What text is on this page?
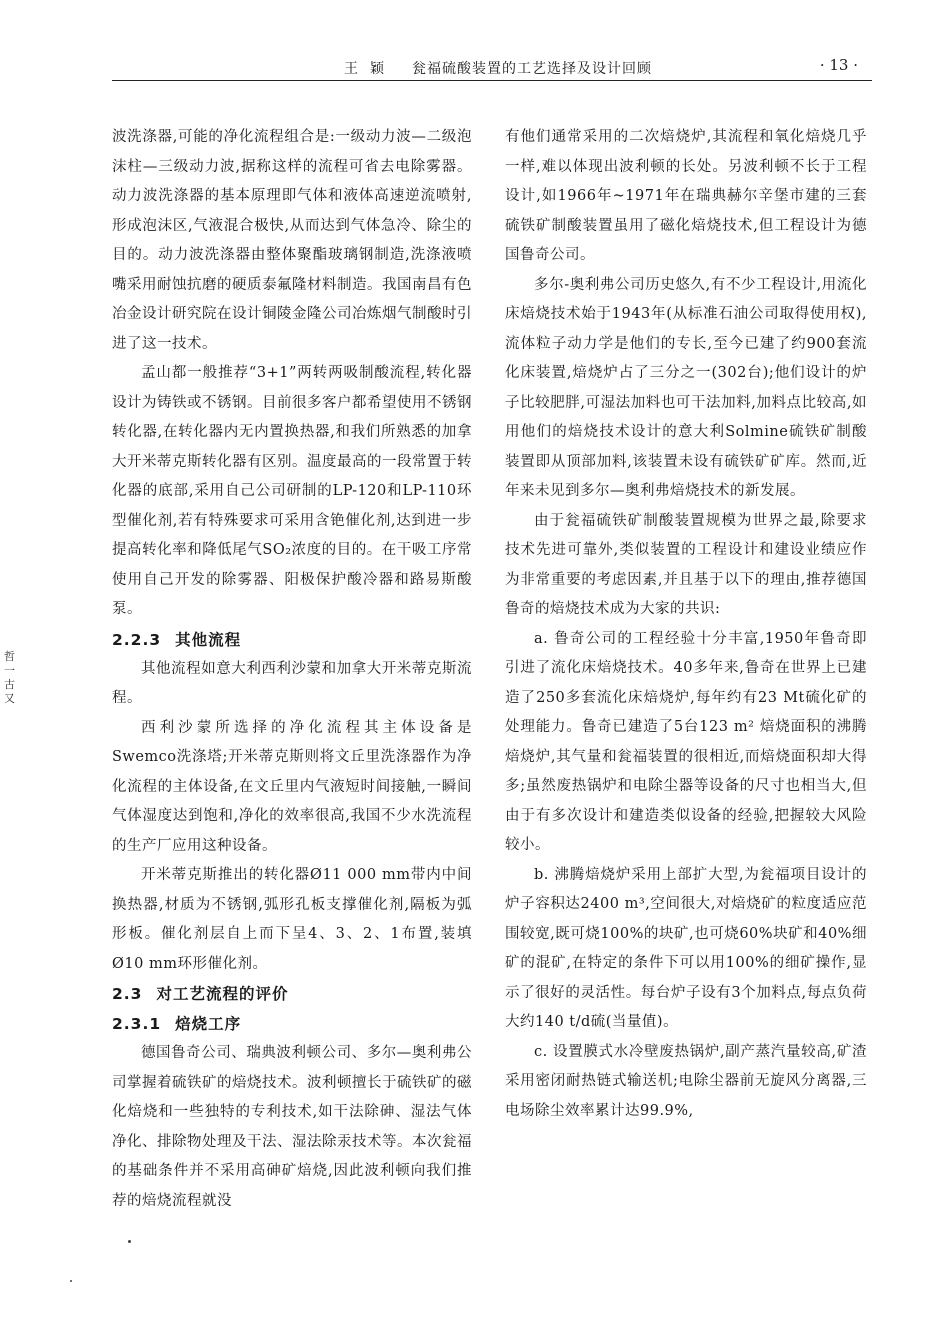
王颖 瓮福硫酸装置的工艺选择及设计回顾	· 13 ·
哲一古又

波洗涤器,可能的净化流程组合是:一级动力波—二级泡沫柱—三级动力波,据称这样的流程可省去电除雾器。动力波洗涤器的基本原理即气体和液体高速逆流喷射,形成泡沫区,气液混合极快,从而达到气体急冷、除尘的目的。动力波洗涤器由整体聚酯玻璃钢制造,洗涤液喷嘴采用耐蚀抗磨的硬质泰氟隆材料制造。我国南昌有色冶金设计研究院在设计铜陵金隆公司冶炼烟气制酸时引进了这一技术。

孟山都一般推荐“3+1”两转两吸制酸流程,转化器设计为铸铁或不锈钢。目前很多客户都希望使用不锈钢转化器,在转化器内无内置换热器,和我们所熟悉的加拿大开米蒂克斯转化器有区别。温度最高的一段常置于转化器的底部,采用自己公司研制的LP-120和LP-110环型催化剂,若有特殊要求可采用含铯催化剂,达到进一步提高转化率和降低尾气SO₂浓度的目的。在干吸工序常使用自己开发的除雾器、阳极保护酸冷器和路易斯酸泵。

2.2.3 其他流程

其他流程如意大利西利沙蒙和加拿大开米蒂克斯流程。

西利沙蒙所选择的净化流程其主体设备是Swemco洗涤塔;开米蒂克斯则将文丘里洗涤器作为净化流程的主体设备,在文丘里内气液短时间接触,一瞬间气体湿度达到饱和,净化的效率很高,我国不少水洗流程的生产厂应用这种设备。

开米蒂克斯推出的转化器Ø11 000 mm带内中间换热器,材质为不锈钢,弧形孔板支撑催化剂,隔板为弧形板。催化剂层自上而下呈4、3、2、1布置,装填Ø10 mm环形催化剂。

2.3 对工艺流程的评价
2.3.1 焙烧工序

德国鲁奇公司、瑞典波利顿公司、多尔—奥利弗公司掌握着硫铁矿的焙烧技术。波利顿擅长于硫铁矿的磁化焙烧和一些独特的专利技术,如干法除砷、湿法气体净化、排除物处理及干法、湿法除汞技术等。本次瓮福的基础条件并不采用高砷矿焙烧,因此波利顿向我们推荐的焙烧流程就没

有他们通常采用的二次焙烧炉,其流程和氧化焙烧几乎一样,难以体现出波利顿的长处。另波利顿不长于工程设计,如1966年~1971年在瑞典赫尔辛堡市建的三套硫铁矿制酸装置虽用了磁化焙烧技术,但工程设计为德国鲁奇公司。

多尔-奥利弗公司历史悠久,有不少工程设计,用流化床焙烧技术始于1943年(从标准石油公司取得使用权),流体粒子动力学是他们的专长,至今已建了约900套流化床装置,焙烧炉占了三分之一(302台);他们设计的炉子比较肥胖,可湿法加料也可干法加料,加料点比较高,如用他们的焙烧技术设计的意大利Solmine硫铁矿制酸装置即从顶部加料,该装置未设有硫铁矿矿库。然而,近年来未见到多尔—奥利弗焙烧技术的新发展。

由于瓮福硫铁矿制酸装置规模为世界之最,除要求技术先进可靠外,类似装置的工程设计和建设业绩应作为非常重要的考虑因素,并且基于以下的理由,推荐德国鲁奇的焙烧技术成为大家的共识:

a. 鲁奇公司的工程经验十分丰富,1950年鲁奇即引进了流化床焙烧技术。40多年来,鲁奇在世界上已建造了250多套流化床焙烧炉,每年约有23 Mt硫化矿的处理能力。鲁奇已建造了5台123 m² 焙烧面积的沸腾焙烧炉,其气量和瓮福装置的很相近,而焙烧面积却大得多;虽然废热锅炉和电除尘器等设备的尺寸也相当大,但由于有多次设计和建造类似设备的经验,把握较大风险较小。

b. 沸腾焙烧炉采用上部扩大型,为瓮福项目设计的炉子容积达2400 m³,空间很大,对焙烧矿的粒度适应范围较宽,既可烧100%的块矿,也可烧60%块矿和40%细矿的混矿,在特定的条件下可以用100%的细矿操作,显示了很好的灵活性。每台炉子设有3个加料点,每点负荷大约140 t/d硫(当量值)。

c. 设置膜式水冷壁废热锅炉,副产蒸汽量较高,矿渣采用密闭耐热链式输送机;电除尘器前无旋风分离器,三电场除尘效率累计达99.9%,
